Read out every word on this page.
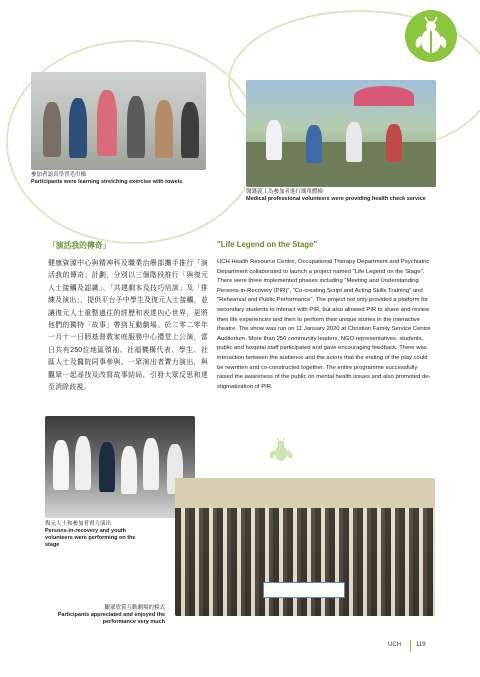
參加者認真學習毛巾操
Participants were learning stretching exercise with towels
醫護義工為參加者進行簡單體檢
Medical professional volunteers were providing health check service
「演活我的傳奇」
健康資源中心與精神科及職業治療部攜手推行「演活我的傳奇」計劃，分別以三個階段推行「與復元人士接觸及認識」、「共建劇本及技巧培訓」及「排練及演出」，提供平台予中學生及復元人士接觸，並讓復元人士重整過往的經歷和表達內心世界，更將他們的獨特「故事」帶到互動劇場。於二零二零年一月十一日假基督教家庭服務中心禮堂上公演，當日共有250位地區領袖、社福機構代表、學生、社區人士及醫院同事參與。一眾演出者賣力演出，與觀眾一起尋找及改寫故事結局，引發大眾反思和達至消除歧視。
"Life Legend on the Stage"
UCH Health Resource Centre, Occupational Therapy Department and Psychiatric Department collaborated to launch a project named "Life Legend on the Stage". There were three implemented phases including "Meeting and Understanding Persons-in-Recovery (PIR)", "Co-creating Script and Acting Skills Training" and "Rehearsal and Public Performance". The project not only provided a platform for secondary students to interact with PIR, but also allowed PIR to share and review their life experiences and then to perform their unique stories in the interactive theatre. The show was run on 11 January 2020 at Christian Family Service Centre Auditorium. More than 250 community leaders, NGO representatives, students, public and hospital staff participated and gave encouraging feedback. There was interaction between the audience and the actors that the ending of the play could be rewritten and co-constructed together. The entire programme successfully raised the awareness of the public on mental health issues and also promoted de-stigmatization of PIR.
復元人士和參加者賣力演出
Persons-in-recovery and youth volunteers were performing on the stage
觀眾欣賞互動劇場的模式
Participants appreciated and enjoyed the performance very much
UCH	119
